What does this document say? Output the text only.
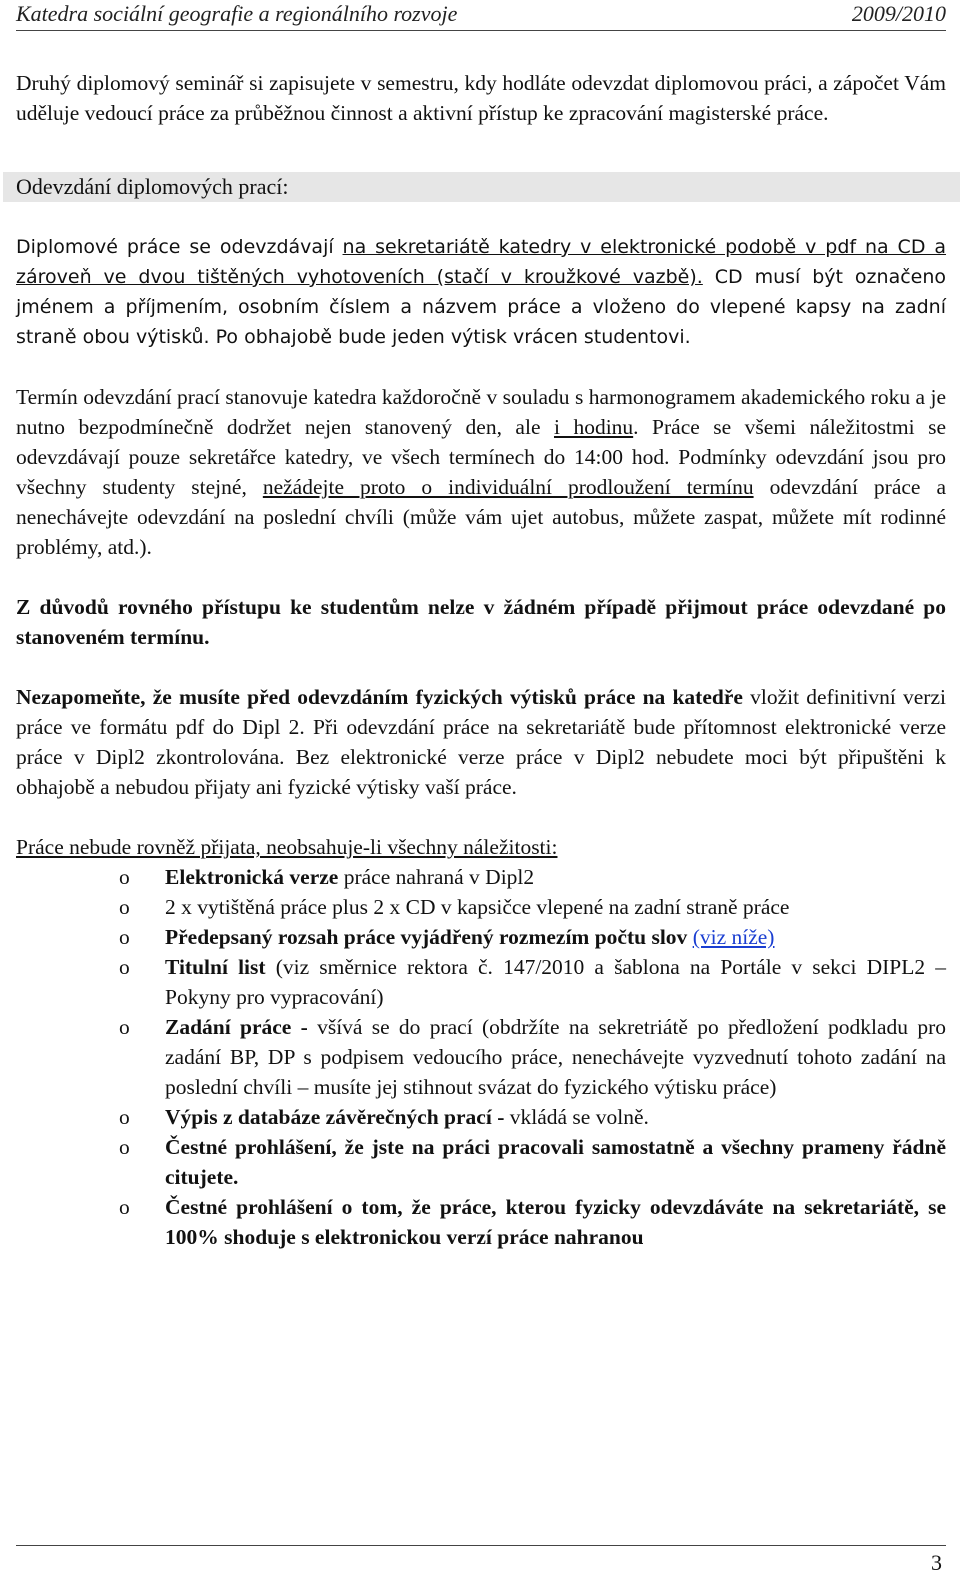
Katedra sociální geografie a regionálního rozvoje	2009/2010

Druhý diplomový seminář si zapisujete v semestru, kdy hodláte odevzdat diplomovou práci, a zápočet Vám uděluje vedoucí práce za průběžnou činnost a aktivní přístup ke zpracování magisterské práce.

Odevzdání diplomových prací:

Diplomové práce se odevzdávají na sekretariátě katedry v elektronické podobě v pdf na CD a zároveň ve dvou tištěných vyhotoveních (stačí v kroužkové vazbě). CD musí být označeno jménem a příjmením, osobním číslem a názvem práce a vloženo do vlepené kapsy na zadní straně obou výtisků. Po obhajobě bude jeden výtisk vrácen studentovi.

Termín odevzdání prací stanovuje katedra každoročně v souladu s harmonogramem akademického roku a je nutno bezpodmínečně dodržet nejen stanovený den, ale i hodinu. Práce se všemi náležitostmi se odevzdávají pouze sekretářce katedry, ve všech termínech do 14:00 hod. Podmínky odevzdání jsou pro všechny studenty stejné, nežádejte proto o individuální prodloužení termínu odevzdání práce a nenechávejte odevzdání na poslední chvíli (může vám ujet autobus, můžete zaspat, můžete mít rodinné problémy, atd.).

Z důvodů rovného přístupu ke studentům nelze v žádném případě přijmout práce odevzdané po stanoveném termínu.

Nezapomeňte, že musíte před odevzdáním fyzických výtisků práce na katedře vložit definitivní verzi práce ve formátu pdf do Dipl 2. Při odevzdání práce na sekretariátě bude přítomnost elektronické verze práce v Dipl2 zkontrolována. Bez elektronické verze práce v Dipl2 nebudete moci být připuštěni k obhajobě a nebudou přijaty ani fyzické výtisky vaší práce.

Práce nebude rovněž přijata, neobsahuje-li všechny náležitosti:

o Elektronická verze práce nahraná v Dipl2
o 2 x vytištěná práce plus 2 x CD v kapsičce vlepené na zadní straně práce
o Předepsaný rozsah práce vyjádřený rozmezím počtu slov (viz níže)
o Titulní list (viz směrnice rektora č. 147/2010 a šablona na Portále v sekci DIPL2 – Pokyny pro vypracování)
o Zadání práce - všívá se do prací (obdržíte na sekretriátě po předložení podkladu pro zadání BP, DP s podpisem vedoucího práce, nenechávejte vyzvednutí tohoto zadání na poslední chvíli – musíte jej stihnout svázat do fyzického výtisku práce)
o Výpis z databáze závěrečných prací - vkládá se volně.
o Čestné prohlášení, že jste na práci pracovali samostatně a všechny prameny řádně citujete.
o Čestné prohlášení o tom, že práce, kterou fyzicky odevzdáváte na sekretariátě, se 100% shoduje s elektronickou verzí práce nahranou
3
